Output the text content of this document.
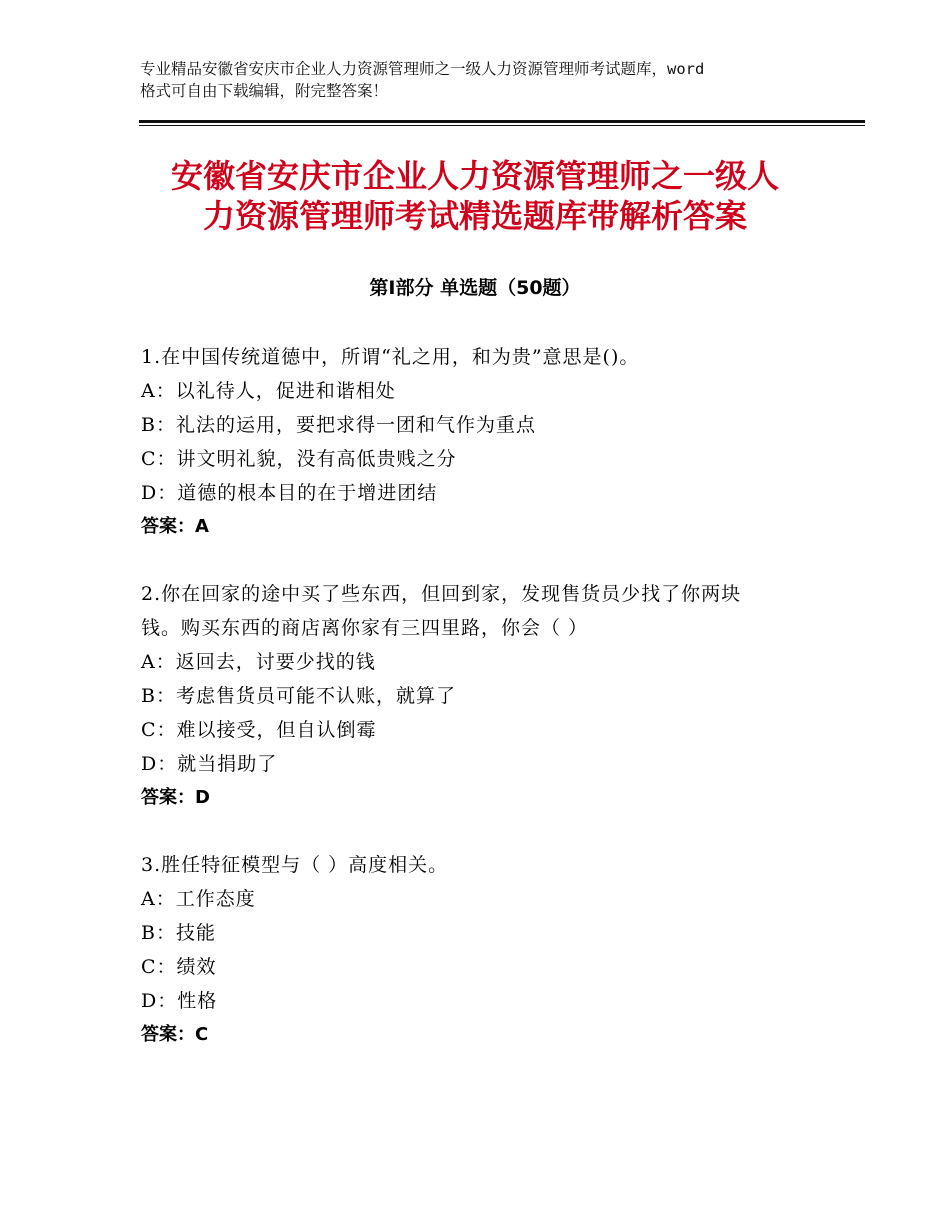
专业精品安徽省安庆市企业人力资源管理师之一级人力资源管理师考试题库，word
格式可自由下载编辑，附完整答案！
安徽省安庆市企业人力资源管理师之一级人
力资源管理师考试精选题库带解析答案
第Ⅰ部分 单选题（50题）
1.在中国传统道德中，所谓“礼之用，和为贵”意思是()。
A：以礼待人，促进和谐相处
B：礼法的运用，要把求得一团和气作为重点
C：讲文明礼貌，没有高低贵贱之分
D：道德的根本目的在于增进团结
答案：A
2.你在回家的途中买了些东西，但回到家，发现售货员少找了你两块
钱。购买东西的商店离你家有三四里路，你会（ ）
A：返回去，讨要少找的钱
B：考虑售货员可能不认账，就算了
C：难以接受，但自认倒霉
D：就当捐助了
答案：D
3.胜任特征模型与（ ）高度相关。
A：工作态度
B：技能
C：绩效
D：性格
答案：C
